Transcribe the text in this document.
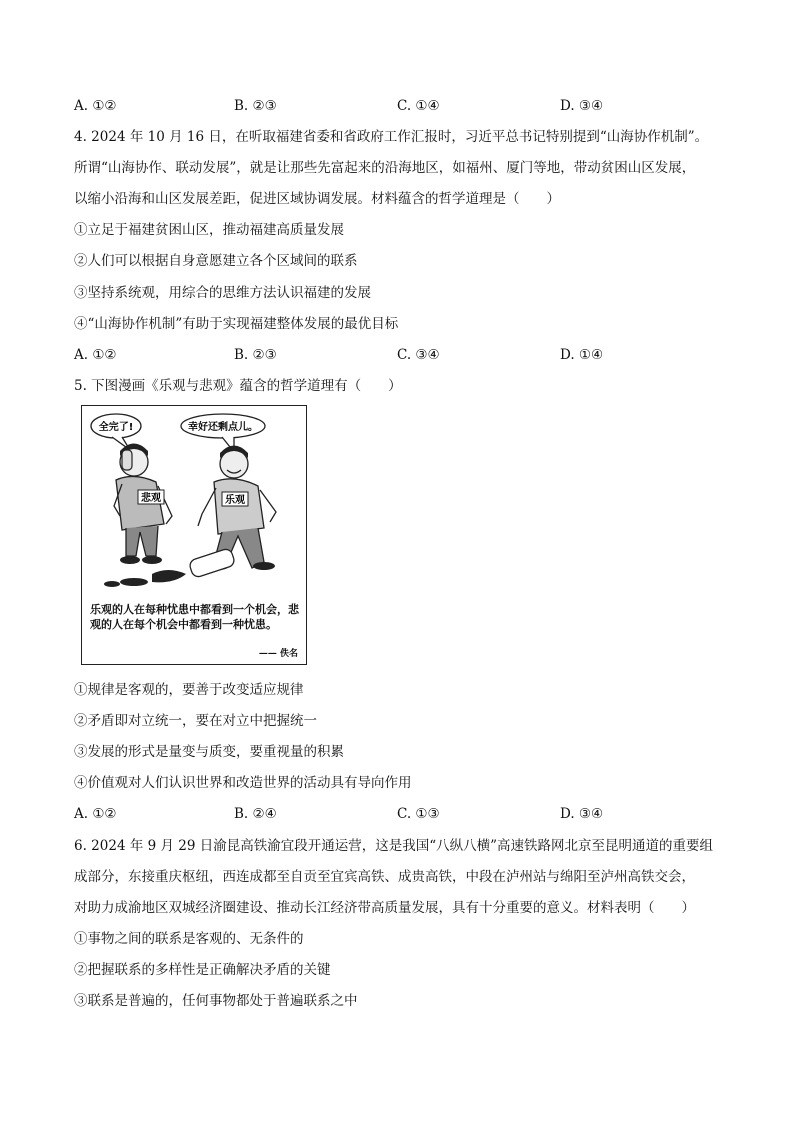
A. ①②	B. ②③	C. ①④	D. ③④
4. 2024 年 10 月 16 日，在听取福建省委和省政府工作汇报时，习近平总书记特别提到“山海协作机制”。
所谓“山海协作、联动发展”，就是让那些先富起来的沿海地区，如福州、厦门等地，带动贫困山区发展，
以缩小沿海和山区发展差距，促进区域协调发展。材料蕴含的哲学道理是（　　）
①立足于福建贫困山区，推动福建高质量发展
②人们可以根据自身意愿建立各个区域间的联系
③坚持系统观，用综合的思维方法认识福建的发展
④“山海协作机制”有助于实现福建整体发展的最优目标
A. ①②	B. ②③	C. ③④	D. ①④
5. 下图漫画《乐观与悲观》蕴含的哲学道理有（　　）
全完了!	幸好还剩点儿。
悲观	乐观
乐观的人在每种忧患中都看到一个机会，悲观的人在每个机会中都看到一种忧患。
—— 佚名
①规律是客观的，要善于改变适应规律
②矛盾即对立统一，要在对立中把握统一
③发展的形式是量变与质变，要重视量的积累
④价值观对人们认识世界和改造世界的活动具有导向作用
A. ①②	B. ②④	C. ①③	D. ③④
6. 2024 年 9 月 29 日渝昆高铁渝宜段开通运营，这是我国“八纵八横”高速铁路网北京至昆明通道的重要组
成部分，东接重庆枢纽，西连成都至自贡至宜宾高铁、成贵高铁，中段在泸州站与绵阳至泸州高铁交会，
对助力成渝地区双城经济圈建设、推动长江经济带高质量发展，具有十分重要的意义。材料表明（　　）
①事物之间的联系是客观的、无条件的
②把握联系的多样性是正确解决矛盾的关键
③联系是普遍的，任何事物都处于普遍联系之中
